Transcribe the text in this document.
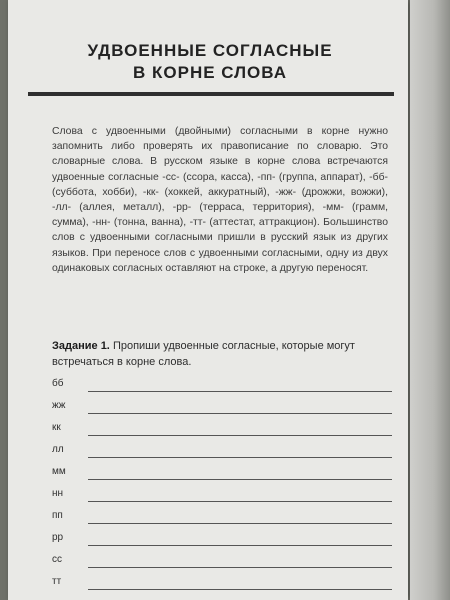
УДВОЕННЫЕ СОГЛАСНЫЕ
В КОРНЕ СЛОВА
Слова с удвоенными (двойными) согласными в корне нужно запомнить либо проверять их правописание по словарю. Это словарные слова. В русском языке в корне слова встречаются удвоенные согласные -сс- (ссора, касса), -пп- (группа, аппарат), -бб- (суббота, хобби), -кк- (хоккей, аккуратный), -жж- (дрожжи, вожжи), -лл- (аллея, металл), -рр- (терраса, территория), -мм- (грамм, сумма), -нн- (тонна, ванна), -тт- (аттестат, аттракцион). Большинство слов с удвоенными согласными пришли в русский язык из других языков. При переносе слов с удвоенными согласными, одну из двух одинаковых согласных оставляют на строке, а другую переносят.
Задание 1. Пропиши удвоенные согласные, которые могут встречаться в корне слова.
бб
жж
кк
лл
мм
нн
пп
рр
сс
тт
